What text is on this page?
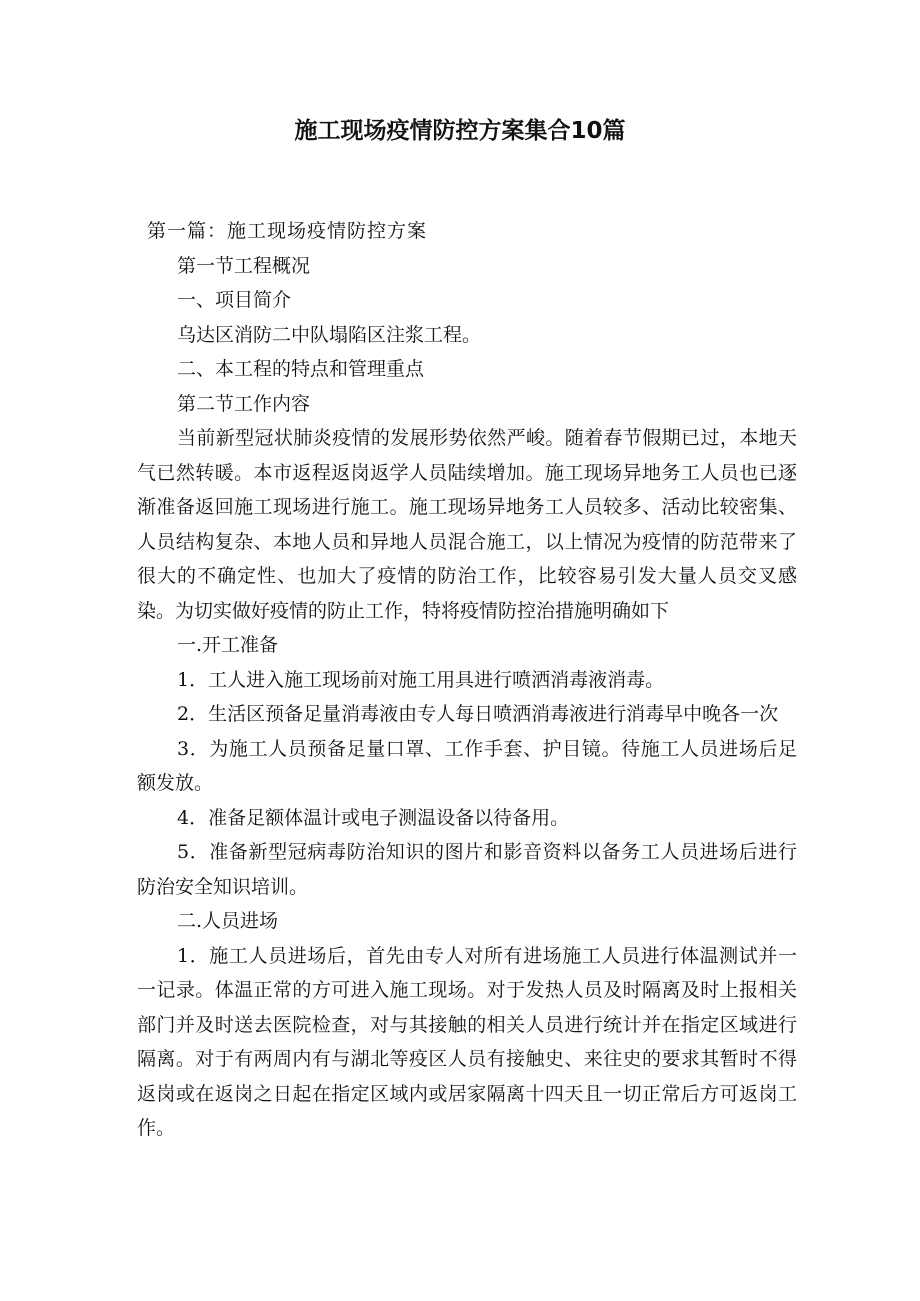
施工现场疫情防控方案集合10篇

第一篇：施工现场疫情防控方案

第一节工程概况

一、项目简介

乌达区消防二中队塌陷区注浆工程。

二、本工程的特点和管理重点

第二节工作内容

当前新型冠状肺炎疫情的发展形势依然严峻。随着春节假期已过，本地天气已然转暖。本市返程返岗返学人员陆续增加。施工现场异地务工人员也已逐渐准备返回施工现场进行施工。施工现场异地务工人员较多、活动比较密集、人员结构复杂、本地人员和异地人员混合施工，以上情况为疫情的防范带来了很大的不确定性、也加大了疫情的防治工作，比较容易引发大量人员交叉感染。为切实做好疫情的防止工作，特将疫情防控治措施明确如下

一.开工准备

1．工人进入施工现场前对施工用具进行喷洒消毒液消毒。

2．生活区预备足量消毒液由专人每日喷洒消毒液进行消毒早中晚各一次

3．为施工人员预备足量口罩、工作手套、护目镜。待施工人员进场后足额发放。

4．准备足额体温计或电子测温设备以待备用。

5．准备新型冠病毒防治知识的图片和影音资料以备务工人员进场后进行防治安全知识培训。

二.人员进场

1．施工人员进场后，首先由专人对所有进场施工人员进行体温测试并一一记录。体温正常的方可进入施工现场。对于发热人员及时隔离及时上报相关部门并及时送去医院检查，对与其接触的相关人员进行统计并在指定区域进行隔离。对于有两周内有与湖北等疫区人员有接触史、来往史的要求其暂时不得返岗或在返岗之日起在指定区域内或居家隔离十四天且一切正常后方可返岗工作。
